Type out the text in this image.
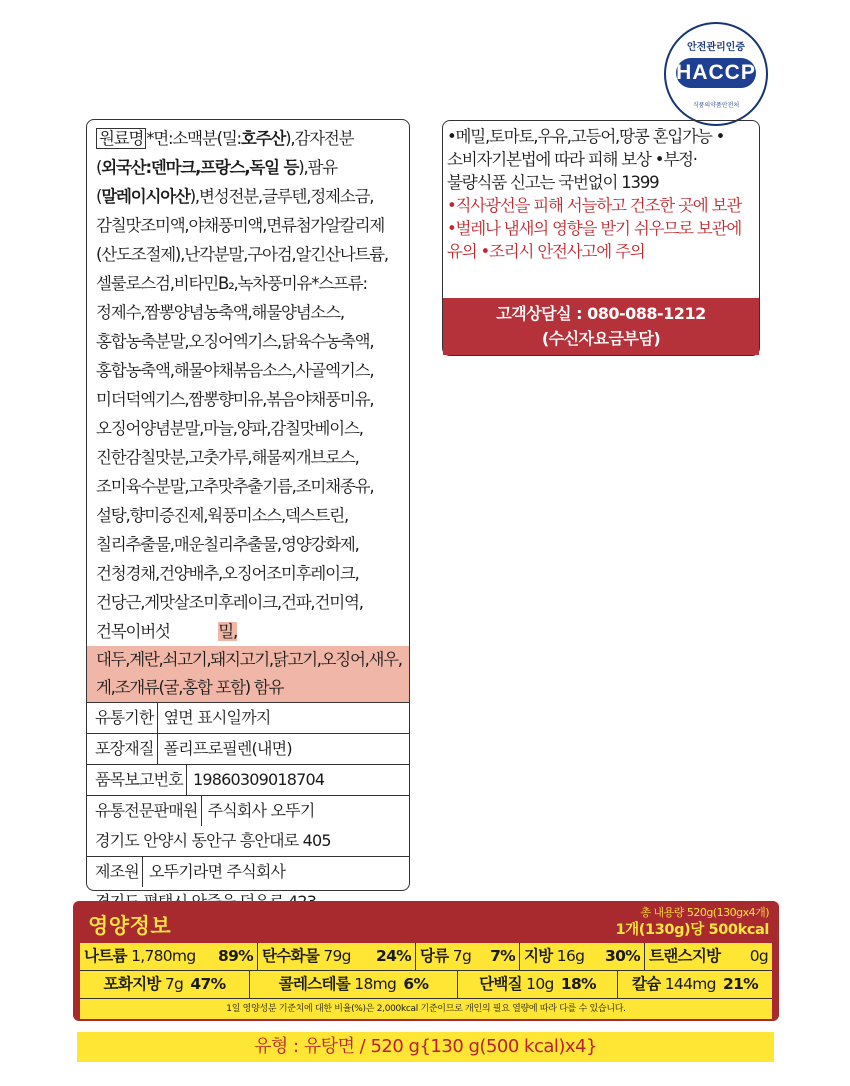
안전관리인증
HACCP
식품의약품안전처
원료명 *면:소맥분(밀:호주산),감자전분(외국산:덴마크,프랑스,독일 등),팜유(말레이시아산),변성전분,글루텐,정제소금,감칠맛조미액,야채풍미액,면류첨가알칼리제(산도조절제),난각분말,구아검,알긴산나트륨,셀룰로스검,비타민B₂,녹차풍미유*스프류:정제수,짬뽕양념농축액,해물양념소스,홍합농축분말,오징어엑기스,닭육수농축액,홍합농축액,해물야채볶음소스,사골엑기스,미더덕엑기스,짬뽕향미유,볶음야채풍미유,오징어양념분말,마늘,양파,감칠맛베이스,진한감칠맛분,고춧가루,해물찌개브로스,조미육수분말,고추맛추출기름,조미채종유,설탕,향미증진제,웍풍미소스,덱스트린,칠리추출물,매운칠리추출물,영양강화제,건청경채,건양배추,오징어조미후레이크,건당근,게맛살조미후레이크,건파,건미역,건목이버섯            밀,
대두,계란,쇠고기,돼지고기,닭고기,오징어,새우,게,조개류(굴,홍합 포함) 함유
유통기한 옆면 표시일까지
포장재질 폴리프로필렌(내면)
품목보고번호 19860309018704
유통전문판매원 주식회사 오뚜기
경기도 안양시 동안구 흥안대로 405
제조원 오뚜기라면 주식회사
•메밀,토마토,우유,고등어,땅콩 혼입가능 •소비자기본법에 따라 피해 보상 •부정·불량식품 신고는 국번없이 1399
•직사광선을 피해 서늘하고 건조한 곳에 보관 •벌레나 냄새의 영향을 받기 쉬우므로 보관에 유의 •조리시 안전사고에 주의
고객상담실 : 080-088-1212
(수신자요금부담)
영양정보
총 내용량 520g(130gx4개)
1개(130g)당 500kcal
나트륨 1,780mg 89% 탄수화물 79g 24% 당류 7g 7% 지방 16g 30% 트랜스지방 0g
포화지방 7g 47%	콜레스테롤 18mg 6%	단백질 10g 18% 칼슘 144mg 21%
1일 영양성분 기준치에 대한 비율(%)은 2,000kcal 기준이므로 개인의 필요 열량에 따라 다를 수 있습니다.
유형 : 유탕면 / 520 g{130 g(500 kcal)x4}
